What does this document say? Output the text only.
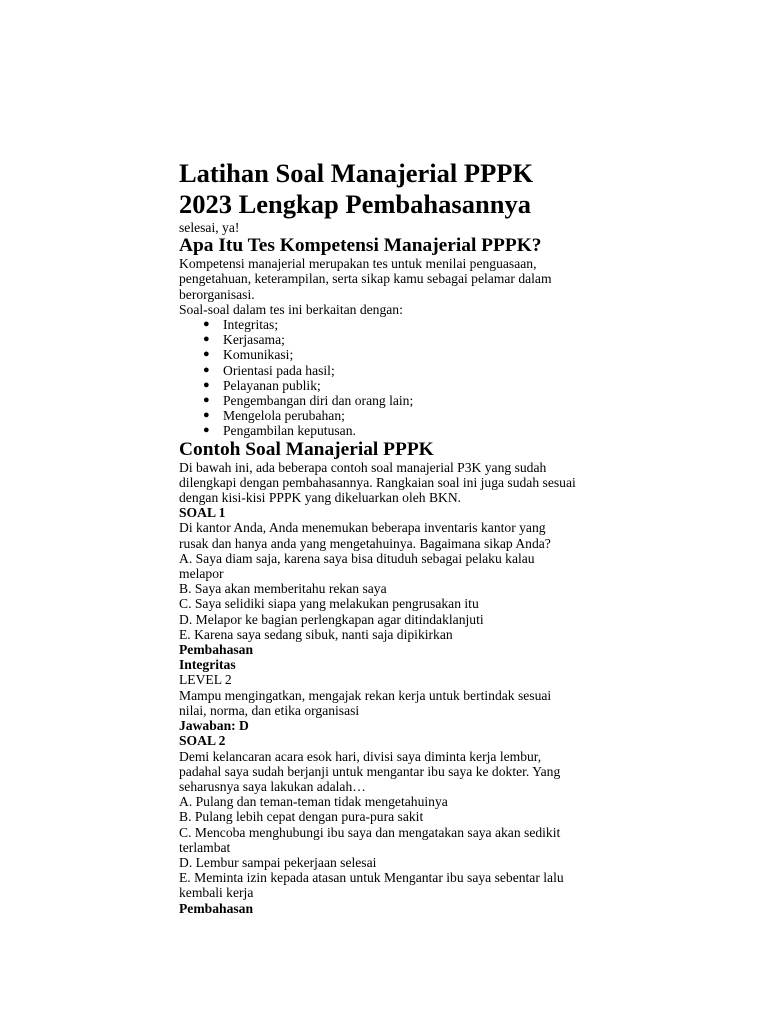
Latihan Soal Manajerial PPPK
2023 Lengkap Pembahasannya
selesai, ya!
Apa Itu Tes Kompetensi Manajerial PPPK?
Kompetensi manajerial merupakan tes untuk menilai penguasaan,
pengetahuan, keterampilan, serta sikap kamu sebagai pelamar dalam
berorganisasi.
Soal-soal dalam tes ini berkaitan dengan:
● Integritas;
● Kerjasama;
● Komunikasi;
● Orientasi pada hasil;
● Pelayanan publik;
● Pengembangan diri dan orang lain;
● Mengelola perubahan;
● Pengambilan keputusan.
Contoh Soal Manajerial PPPK
Di bawah ini, ada beberapa contoh soal manajerial P3K yang sudah
dilengkapi dengan pembahasannya. Rangkaian soal ini juga sudah sesuai
dengan kisi-kisi PPPK yang dikeluarkan oleh BKN.
SOAL 1
Di kantor Anda, Anda menemukan beberapa inventaris kantor yang
rusak dan hanya anda yang mengetahuinya. Bagaimana sikap Anda?
A. Saya diam saja, karena saya bisa dituduh sebagai pelaku kalau
melapor
B. Saya akan memberitahu rekan saya
C. Saya selidiki siapa yang melakukan pengrusakan itu
D. Melapor ke bagian perlengkapan agar ditindaklanjuti
E. Karena saya sedang sibuk, nanti saja dipikirkan
Pembahasan
Integritas
LEVEL 2
Mampu mengingatkan, mengajak rekan kerja untuk bertindak sesuai
nilai, norma, dan etika organisasi
Jawaban: D
SOAL 2
Demi kelancaran acara esok hari, divisi saya diminta kerja lembur,
padahal saya sudah berjanji untuk mengantar ibu saya ke dokter. Yang
seharusnya saya lakukan adalah…
A. Pulang dan teman-teman tidak mengetahuinya
B. Pulang lebih cepat dengan pura-pura sakit
C. Mencoba menghubungi ibu saya dan mengatakan saya akan sedikit
terlambat
D. Lembur sampai pekerjaan selesai
E. Meminta izin kepada atasan untuk Mengantar ibu saya sebentar lalu
kembali kerja
Pembahasan
